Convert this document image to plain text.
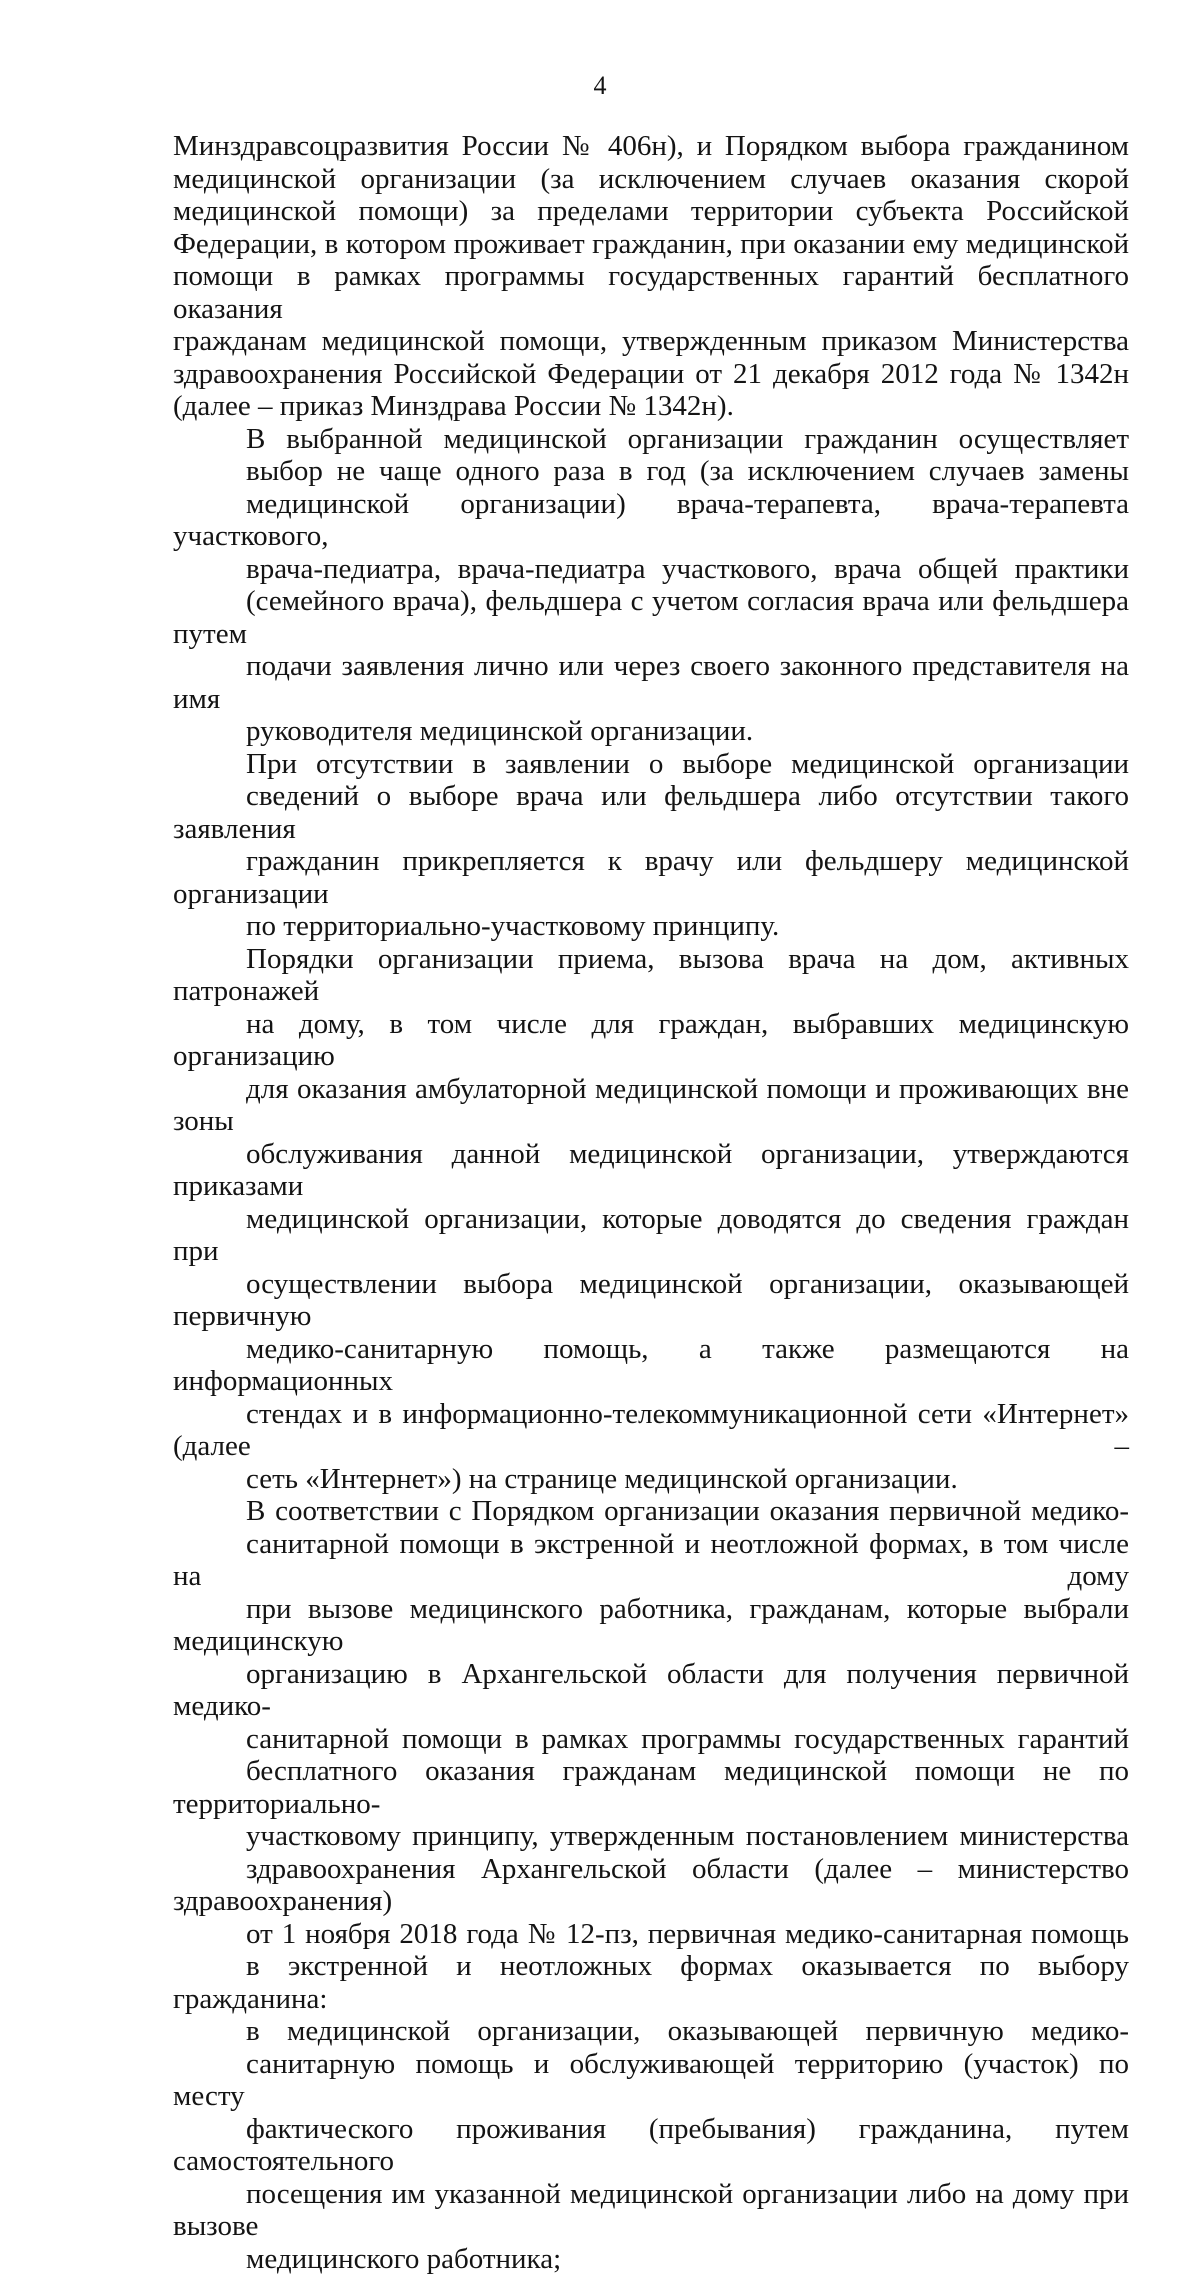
4
Минздравсоцразвития России № 406н), и Порядком выбора гражданином
медицинской организации (за исключением случаев оказания скорой
медицинской помощи) за пределами территории субъекта Российской
Федерации, в котором проживает гражданин, при оказании ему медицинской
помощи в рамках программы государственных гарантий бесплатного оказания
гражданам медицинской помощи, утвержденным приказом Министерства
здравоохранения Российской Федерации от 21 декабря 2012 года № 1342н
(далее – приказ Минздрава России № 1342н).
В выбранной медицинской организации гражданин осуществляет
выбор не чаще одного раза в год (за исключением случаев замены
медицинской организации) врача-терапевта, врача-терапевта участкового,
врача-педиатра, врача-педиатра участкового, врача общей практики
(семейного врача), фельдшера с учетом согласия врача или фельдшера путем
подачи заявления лично или через своего законного представителя на имя
руководителя медицинской организации.
При отсутствии в заявлении о выборе медицинской организации
сведений о выборе врача или фельдшера либо отсутствии такого заявления
гражданин прикрепляется к врачу или фельдшеру медицинской организации
по территориально-участковому принципу.
Порядки организации приема, вызова врача на дом, активных патронажей
на дому, в том числе для граждан, выбравших медицинскую организацию
для оказания амбулаторной медицинской помощи и проживающих вне зоны
обслуживания данной медицинской организации, утверждаются приказами
медицинской организации, которые доводятся до сведения граждан при
осуществлении выбора медицинской организации, оказывающей первичную
медико-санитарную помощь, а также размещаются на информационных
стендах и в информационно-телекоммуникационной сети «Интернет» (далее –
сеть «Интернет») на странице медицинской организации.
В соответствии с Порядком организации оказания первичной медико-
санитарной помощи в экстренной и неотложной формах, в том числе на дому
при вызове медицинского работника, гражданам, которые выбрали медицинскую
организацию в Архангельской области для получения первичной медико-
санитарной помощи в рамках программы государственных гарантий
бесплатного оказания гражданам медицинской помощи не по территориально-
участковому принципу, утвержденным постановлением министерства
здравоохранения Архангельской области (далее – министерство здравоохранения)
от 1 ноября 2018 года № 12-пз, первичная медико-санитарная помощь
в экстренной и неотложных формах оказывается по выбору гражданина:
в медицинской организации, оказывающей первичную медико-
санитарную помощь и обслуживающей территорию (участок) по месту
фактического проживания (пребывания) гражданина, путем самостоятельного
посещения им указанной медицинской организации либо на дому при вызове
медицинского работника;
